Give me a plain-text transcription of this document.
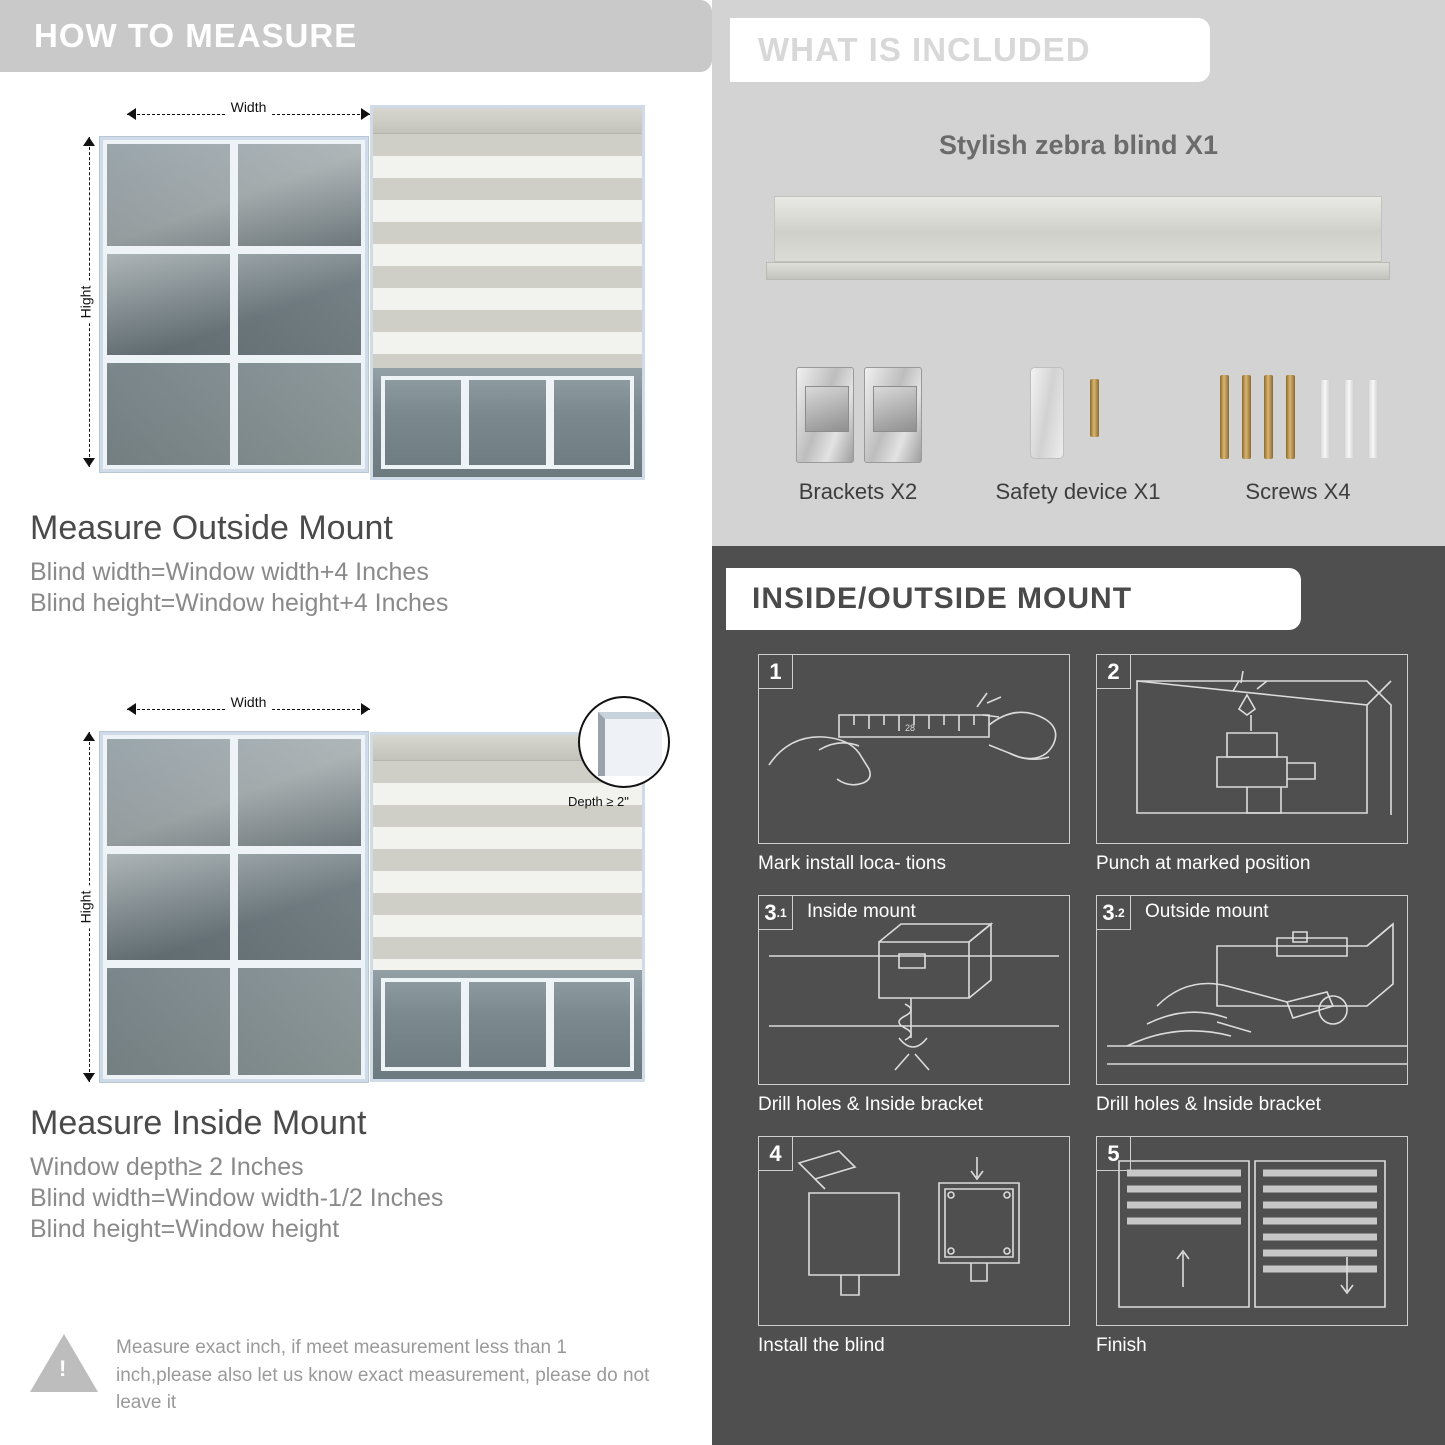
HOW TO MEASURE
Width
Hight
Measure Outside Mount
Blind width=Window width+4 Inches
Blind height=Window height+4 Inches
Width
Hight
Depth ≥ 2"
Measure Inside Mount
Window depth≥ 2 Inches
Blind width=Window width-1/2 Inches
Blind height=Window height
!
Measure exact inch, if meet measurement less than 1 inch,please also let us know exact measurement, please do not leave it
WHAT IS INCLUDED
Stylish zebra blind X1
Brackets X2	Safety device X1	Screws X4
INSIDE/OUTSIDE MOUNT
28
1
Mark install loca- tions
2
Punch at marked position
3 .1 Inside mount
Drill holes & Inside bracket
3 .2 Outside mount
Drill holes & Inside bracket
4
Install the blind
5
Finish
